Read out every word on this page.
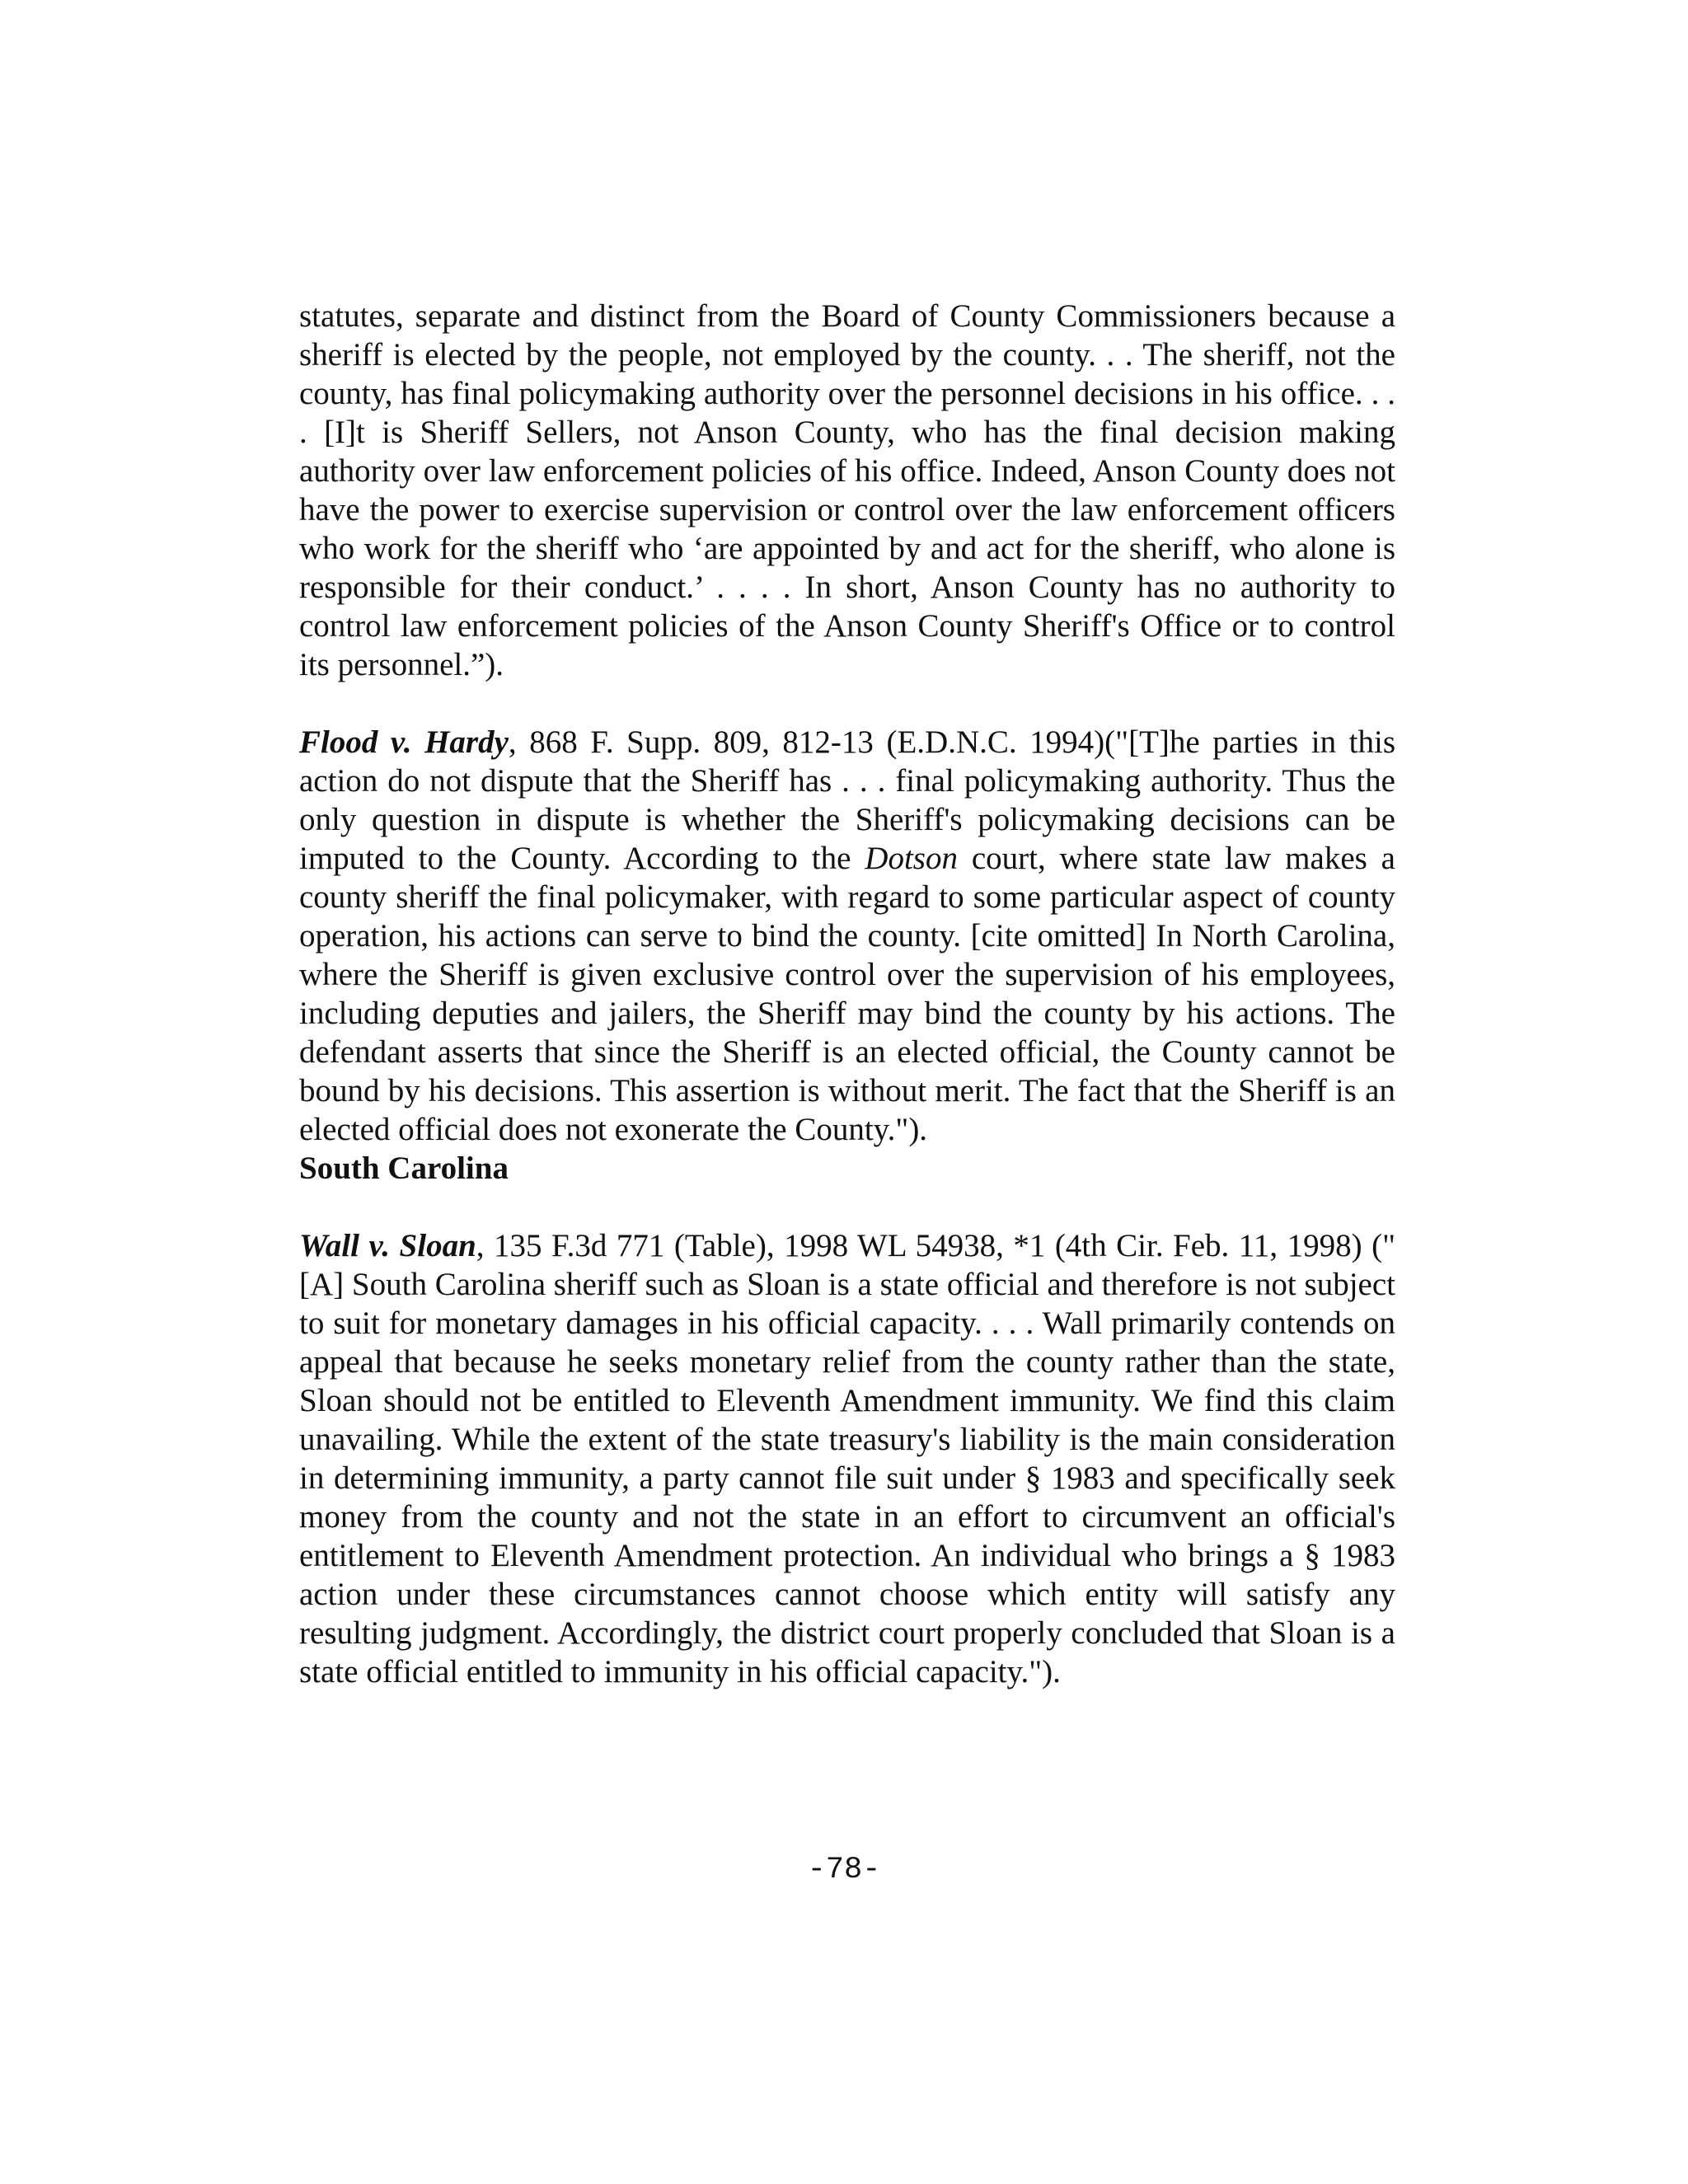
statutes, separate and distinct from the Board of County Commissioners because a sheriff is elected by the people, not employed by the county. . . The sheriff, not the county, has final policymaking authority over the personnel decisions in his office. . . . [I]t is Sheriff Sellers, not Anson County, who has the final decision making authority over law enforcement policies of his office. Indeed, Anson County does not have the power to exercise supervision or control over the law enforcement officers who work for the sheriff who ‘are appointed by and act for the sheriff, who alone is responsible for their conduct.’ . . . . In short, Anson County has no authority to control law enforcement policies of the Anson County Sheriff's Office or to control its personnel.”).

Flood v. Hardy, 868 F. Supp. 809, 812-13 (E.D.N.C. 1994)("[T]he parties in this action do not dispute that the Sheriff has . . . final policymaking authority. Thus the only question in dispute is whether the Sheriff's policymaking decisions can be imputed to the County. According to the Dotson court, where state law makes a county sheriff the final policymaker, with regard to some particular aspect of county operation, his actions can serve to bind the county. [cite omitted] In North Carolina, where the Sheriff is given exclusive control over the supervision of his employees, including deputies and jailers, the Sheriff may bind the county by his actions. The defendant asserts that since the Sheriff is an elected official, the County cannot be bound by his decisions. This assertion is without merit. The fact that the Sheriff is an elected official does not exonerate the County.").

South Carolina

Wall v. Sloan, 135 F.3d 771 (Table), 1998 WL 54938, *1 (4th Cir. Feb. 11, 1998) ("[A] South Carolina sheriff such as Sloan is a state official and therefore is not subject to suit for monetary damages in his official capacity. . . . Wall primarily contends on appeal that because he seeks monetary relief from the county rather than the state, Sloan should not be entitled to Eleventh Amendment immunity. We find this claim unavailing. While the extent of the state treasury's liability is the main consideration in determining immunity, a party cannot file suit under § 1983 and specifically seek money from the county and not the state in an effort to circumvent an official's entitlement to Eleventh Amendment protection. An individual who brings a § 1983 action under these circumstances cannot choose which entity will satisfy any resulting judgment. Accordingly, the district court properly concluded that Sloan is a state official entitled to immunity in his official capacity.").

-78-
